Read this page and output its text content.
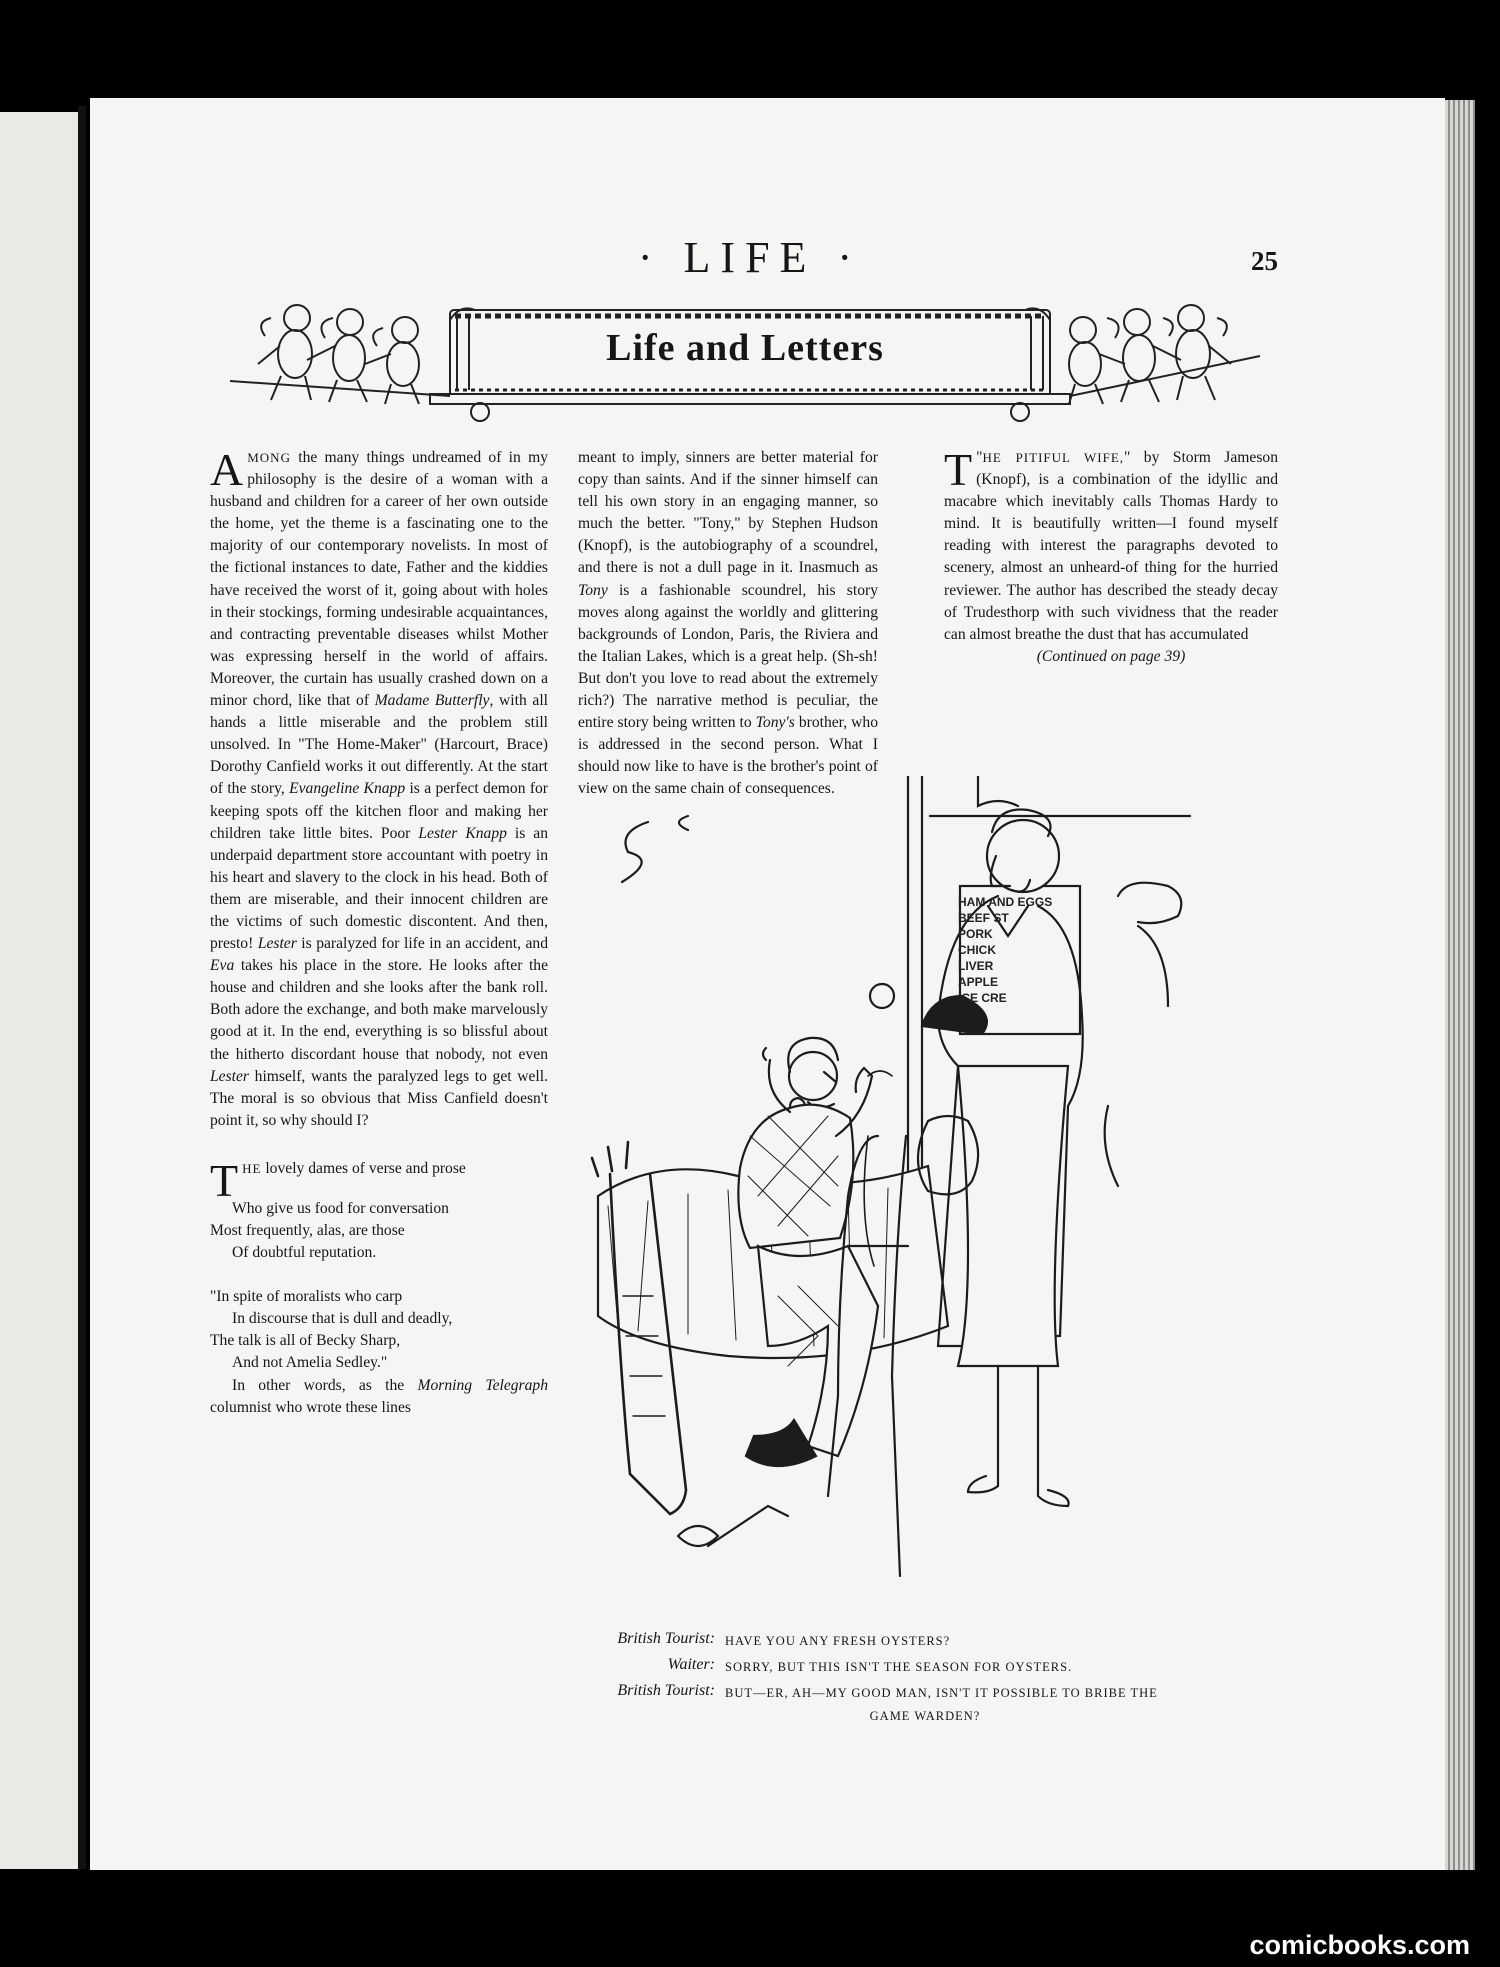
· LIFE ·	25
Life and Letters

AMONG the many things undreamed of in my philosophy is the desire of a woman with a husband and children for a career of her own outside the home, yet the theme is a fascinating one to the majority of our contemporary novelists. In most of the fictional instances to date, Father and the kiddies have received the worst of it, going about with holes in their stockings, forming undesirable acquaintances, and contracting preventable diseases whilst Mother was expressing herself in the world of affairs. Moreover, the curtain has usually crashed down on a minor chord, like that of Madame Butterfly, with all hands a little miserable and the problem still unsolved. In "The Home-Maker" (Harcourt, Brace) Dorothy Canfield works it out differently. At the start of the story, Evangeline Knapp is a perfect demon for keeping spots off the kitchen floor and making her children take little bites. Poor Lester Knapp is an underpaid department store accountant with poetry in his heart and slavery to the clock in his head. Both of them are miserable, and their innocent children are the victims of such domestic discontent. And then, presto! Lester is paralyzed for life in an accident, and Eva takes his place in the store. He looks after the house and children and she looks after the bank roll. Both adore the exchange, and both make marvelously good at it. In the end, everything is so blissful about the hitherto discordant house that nobody, not even Lester himself, wants the paralyzed legs to get well. The moral is so obvious that Miss Canfield doesn't point it, so why should I?

THE lovely dames of verse and prose
Who give us food for conversation
Most frequently, alas, are those
Of doubtful reputation.
"In spite of moralists who carp
In discourse that is dull and deadly,
The talk is all of Becky Sharp,
And not Amelia Sedley."

In other words, as the Morning Telegraph columnist who wrote these lines

meant to imply, sinners are better material for copy than saints. And if the sinner himself can tell his own story in an engaging manner, so much the better. "Tony," by Stephen Hudson (Knopf), is the autobiography of a scoundrel, and there is not a dull page in it. Inasmuch as Tony is a fashionable scoundrel, his story moves along against the worldly and glittering backgrounds of London, Paris, the Riviera and the Italian Lakes, which is a great help. (Sh-sh! But don't you love to read about the extremely rich?) The narrative method is peculiar, the entire story being written to Tony's brother, who is addressed in the second person. What I should now like to have is the brother's point of view on the same chain of consequences.

"
T HE PITIFUL WIFE," by Storm Jameson (Knopf), is a combination of the idyllic and macabre which inevitably calls Thomas Hardy to mind. It is beautifully written—I found myself reading with interest the paragraphs devoted to scenery, almost an unheard-of thing for the hurried reviewer. The author has described the steady decay of Trudesthorp with such vividness that the reader can almost breathe the dust that has accumulated

(Continued on page 39)

HAM AND EGGS
BEEF ST
PORK
CHICK
LIVER
APPLE
ICE CRE
British Tourist: HAVE YOU ANY FRESH OYSTERS?
Waiter: SORRY, BUT THIS ISN'T THE SEASON FOR OYSTERS.
British Tourist: BUT—ER, AH—MY GOOD MAN, ISN'T IT POSSIBLE TO BRIBE THE
GAME WARDEN?
comicbooks.com
